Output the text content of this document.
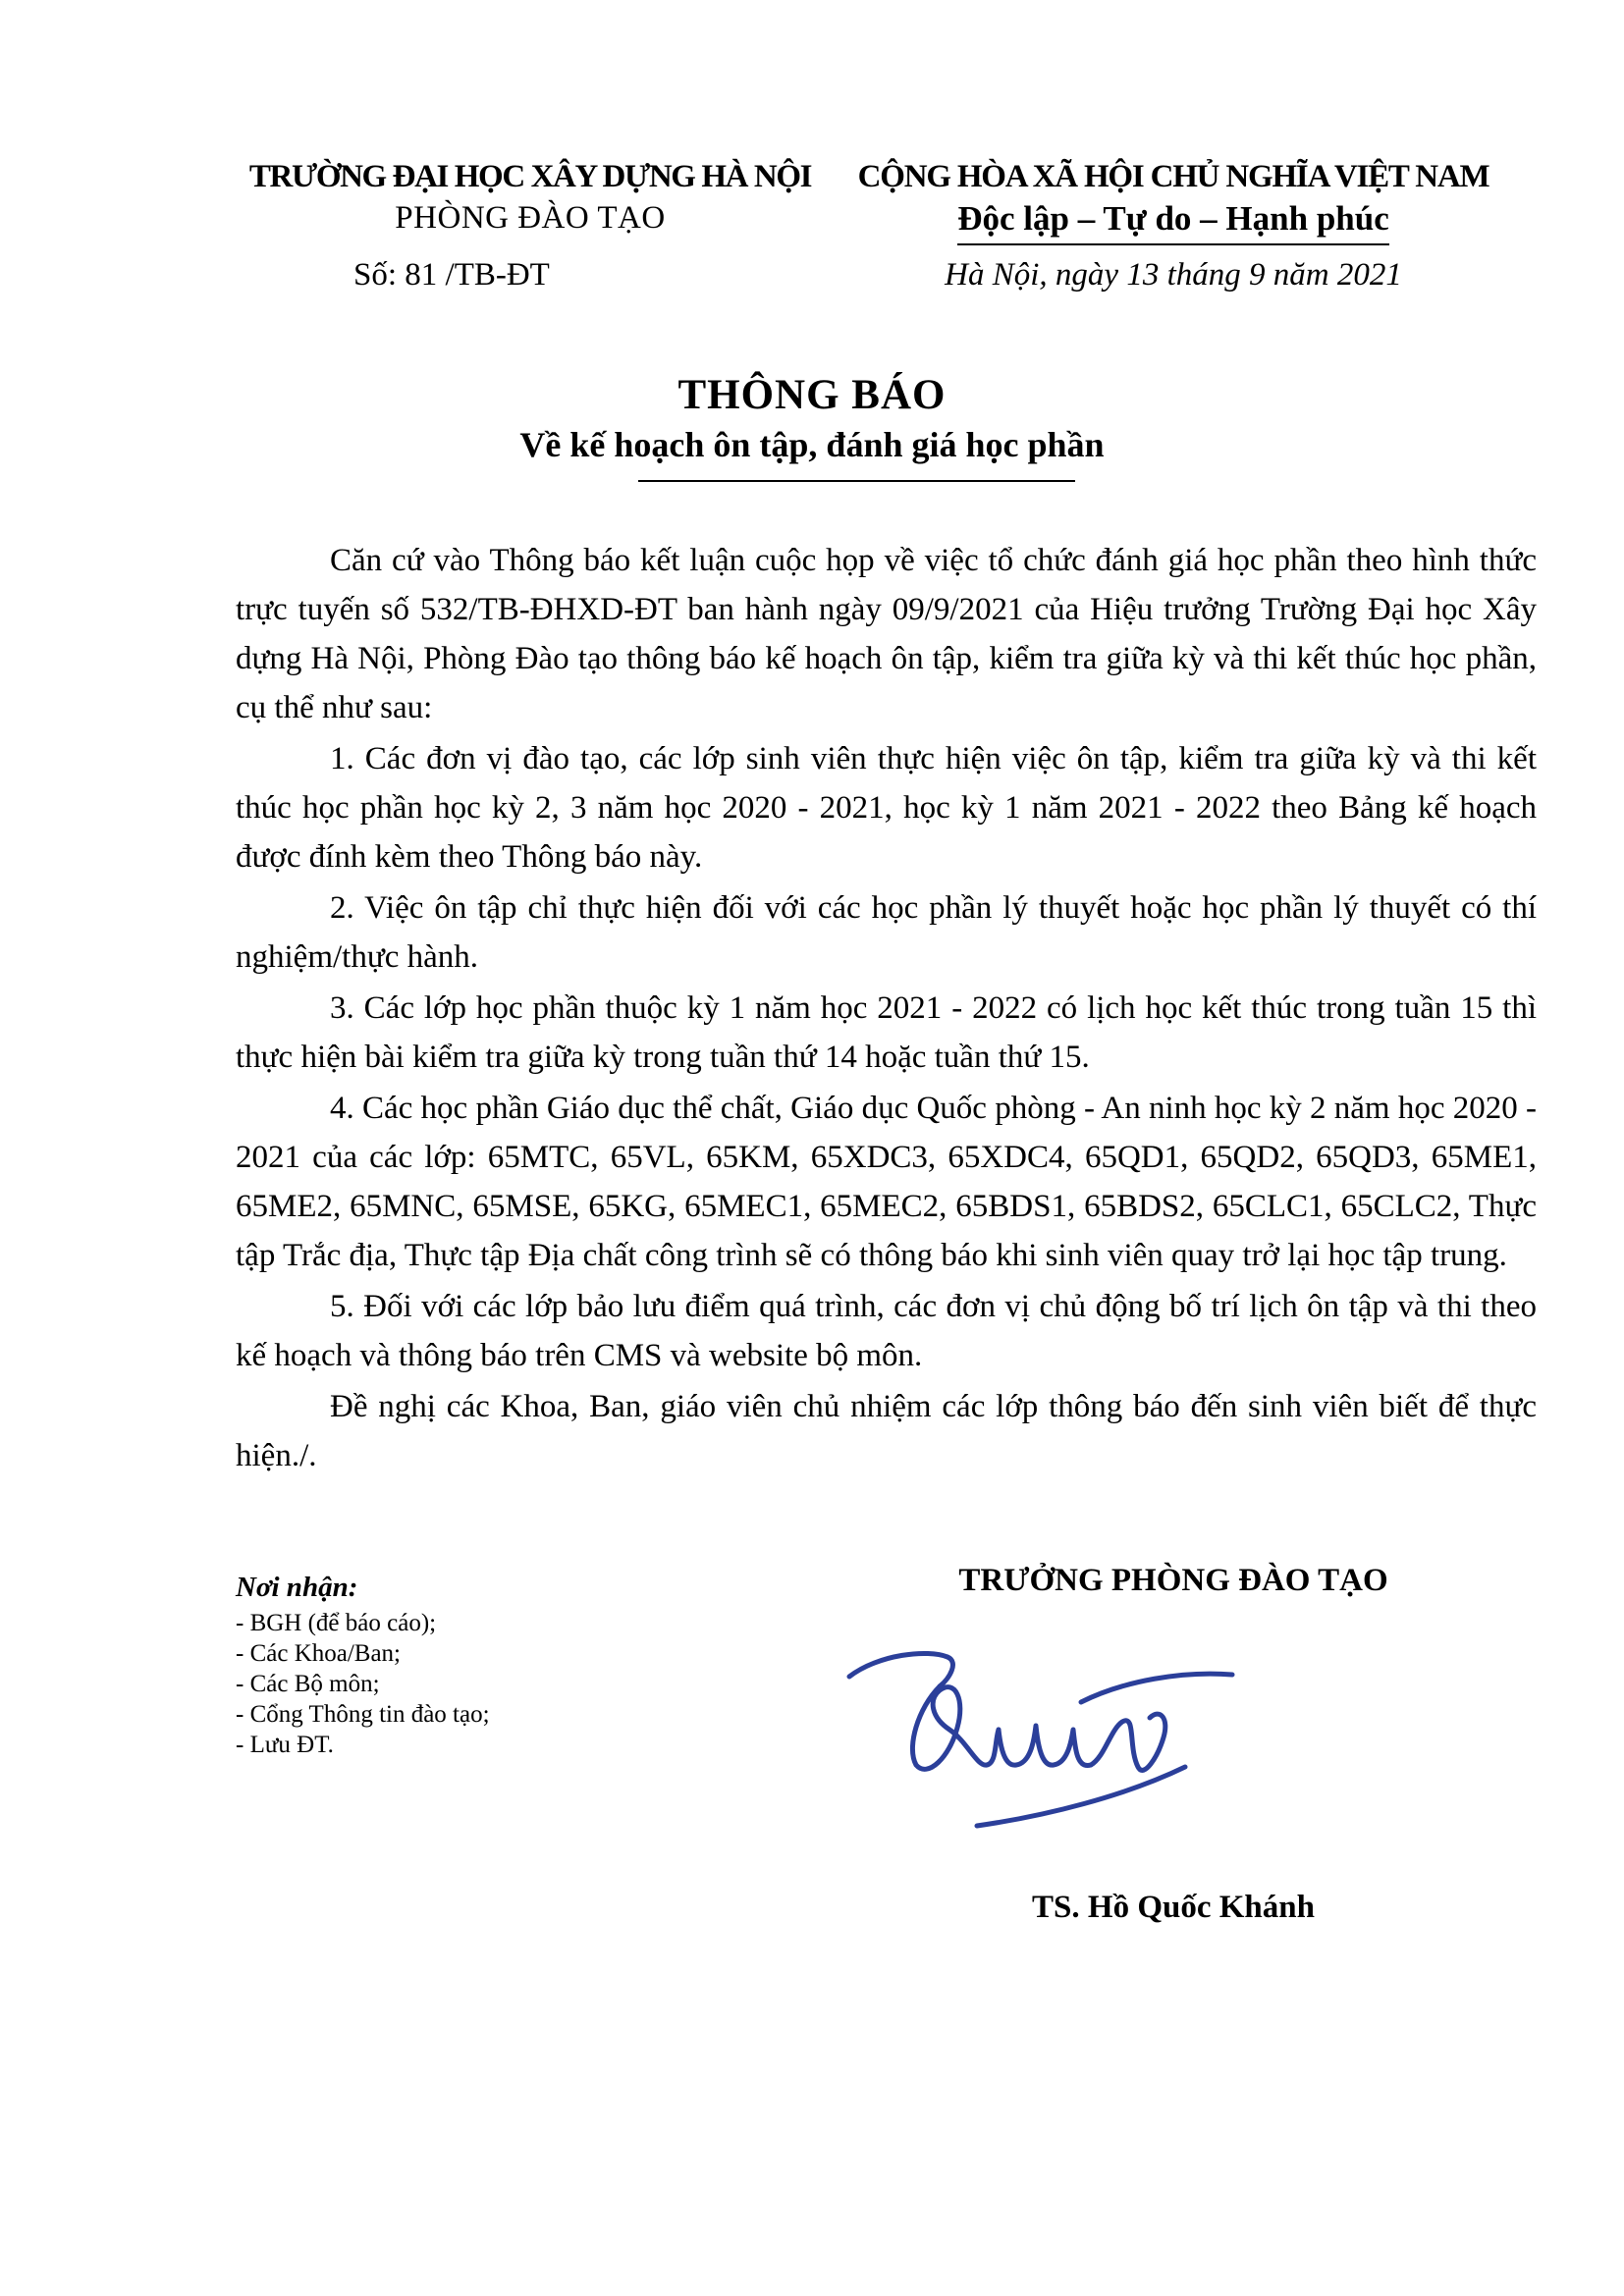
TRƯỜNG ĐẠI HỌC XÂY DỰNG HÀ NỘI
PHÒNG ĐÀO TẠO
CỘNG HÒA XÃ HỘI CHỦ NGHĨA VIỆT NAM
Độc lập – Tự do – Hạnh phúc
Số: 81 /TB-ĐT	Hà Nội, ngày 13 tháng 9 năm 2021
THÔNG BÁO
Về kế hoạch ôn tập, đánh giá học phần

Căn cứ vào Thông báo kết luận cuộc họp về việc tổ chức đánh giá học phần theo hình thức trực tuyến số 532/TB-ĐHXD-ĐT ban hành ngày 09/9/2021 của Hiệu trưởng Trường Đại học Xây dựng Hà Nội, Phòng Đào tạo thông báo kế hoạch ôn tập, kiểm tra giữa kỳ và thi kết thúc học phần, cụ thể như sau:

1. Các đơn vị đào tạo, các lớp sinh viên thực hiện việc ôn tập, kiểm tra giữa kỳ và thi kết thúc học phần học kỳ 2, 3 năm học 2020 - 2021, học kỳ 1 năm 2021 - 2022 theo Bảng kế hoạch được đính kèm theo Thông báo này.

2. Việc ôn tập chỉ thực hiện đối với các học phần lý thuyết hoặc học phần lý thuyết có thí nghiệm/thực hành.

3. Các lớp học phần thuộc kỳ 1 năm học 2021 - 2022 có lịch học kết thúc trong tuần 15 thì thực hiện bài kiểm tra giữa kỳ trong tuần thứ 14 hoặc tuần thứ 15.

4. Các học phần Giáo dục thể chất, Giáo dục Quốc phòng - An ninh học kỳ 2 năm học 2020 - 2021 của các lớp: 65MTC, 65VL, 65KM, 65XDC3, 65XDC4, 65QD1, 65QD2, 65QD3, 65ME1, 65ME2, 65MNC, 65MSE, 65KG, 65MEC1, 65MEC2, 65BDS1, 65BDS2, 65CLC1, 65CLC2, Thực tập Trắc địa, Thực tập Địa chất công trình sẽ có thông báo khi sinh viên quay trở lại học tập trung.

5. Đối với các lớp bảo lưu điểm quá trình, các đơn vị chủ động bố trí lịch ôn tập và thi theo kế hoạch và thông báo trên CMS và website bộ môn.

Đề nghị các Khoa, Ban, giáo viên chủ nhiệm các lớp thông báo đến sinh viên biết để thực hiện./.

Nơi nhận:
- BGH (để báo cáo);
- Các Khoa/Ban;
- Các Bộ môn;
- Cổng Thông tin đào tạo;
- Lưu ĐT.
TRƯỞNG PHÒNG ĐÀO TẠO
TS. Hồ Quốc Khánh
